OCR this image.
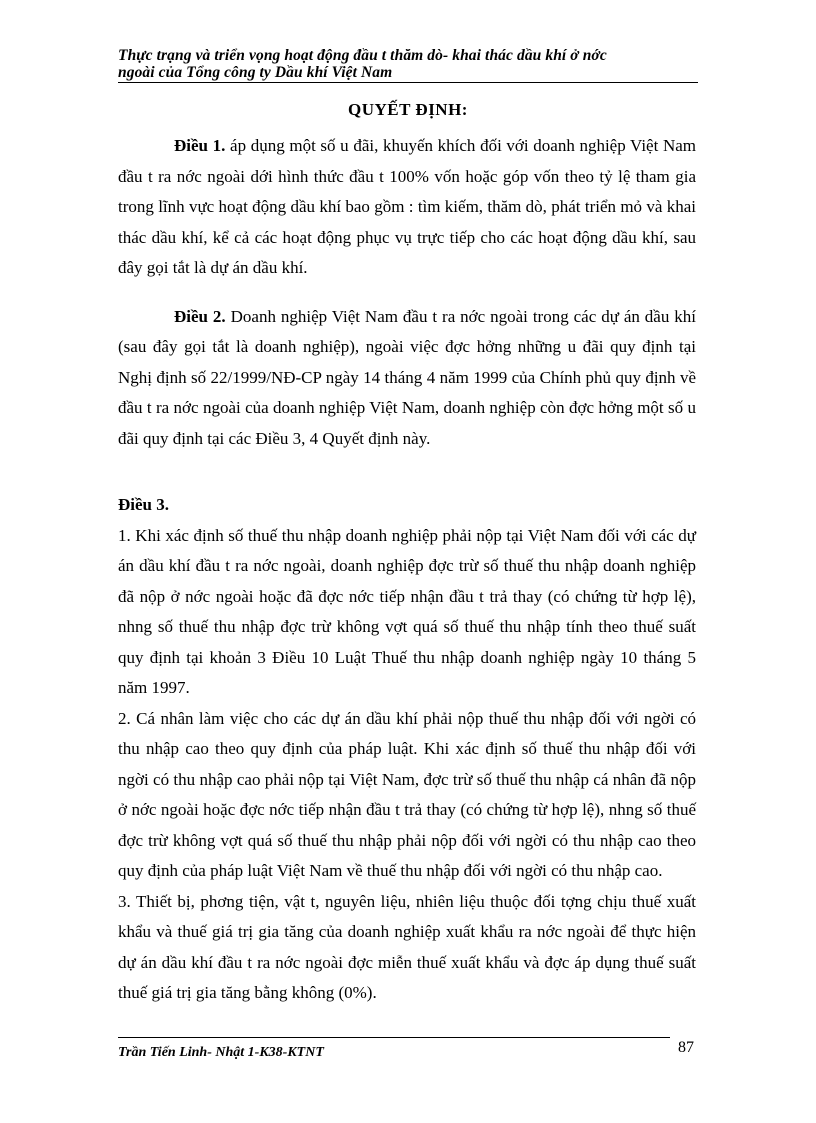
Thực trạng và triển vọng hoạt động đầu t thăm dò- khai thác dầu khí ở nớc
ngoài của Tổng công ty Dầu khí Việt Nam
QUYẾT ĐỊNH:

Điều 1. áp dụng một số u đãi, khuyến khích đối với doanh nghiệp Việt Nam đầu t ra nớc ngoài dới hình thức đầu t 100% vốn hoặc góp vốn theo tỷ lệ tham gia trong lĩnh vực hoạt động dầu khí bao gồm : tìm kiếm, thăm dò, phát triển mỏ và khai thác dầu khí, kể cả các hoạt động phục vụ trực tiếp cho các hoạt động dầu khí, sau đây gọi tắt là dự án dầu khí.

Điều 2. Doanh nghiệp Việt Nam đầu t ra nớc ngoài trong các dự án dầu khí (sau đây gọi tắt là doanh nghiệp), ngoài việc đợc hởng những u đãi quy định tại Nghị định số 22/1999/NĐ-CP ngày 14 tháng 4 năm 1999 của Chính phủ quy định về đầu t ra nớc ngoài của doanh nghiệp Việt Nam, doanh nghiệp còn đợc hởng một số u đãi quy định tại các Điều 3, 4 Quyết định này.

Điều 3.

1. Khi xác định số thuế thu nhập doanh nghiệp phải nộp tại Việt Nam đối với các dự án dầu khí đầu t ra nớc ngoài, doanh nghiệp đợc trừ số thuế thu nhập doanh nghiệp đã nộp ở nớc ngoài hoặc đã đợc nớc tiếp nhận đầu t trả thay (có chứng từ hợp lệ), nhng số thuế thu nhập đợc trừ không vợt quá số thuế thu nhập tính theo thuế suất quy định tại khoản 3 Điều 10 Luật Thuế thu nhập doanh nghiệp ngày 10 tháng 5 năm 1997.

2. Cá nhân làm việc cho các dự án dầu khí phải nộp thuế thu nhập đối với ngời có thu nhập cao theo quy định của pháp luật. Khi xác định số thuế thu nhập đối với ngời có thu nhập cao phải nộp tại Việt Nam, đợc trừ số thuế thu nhập cá nhân đã nộp ở nớc ngoài hoặc đợc nớc tiếp nhận đầu t trả thay (có chứng từ hợp lệ), nhng số thuế đợc trừ không vợt quá số thuế thu nhập phải nộp đối với ngời có thu nhập cao theo quy định của pháp luật Việt Nam về thuế thu nhập đối với ngời có thu nhập cao.

3. Thiết bị, phơng tiện, vật t, nguyên liệu, nhiên liệu thuộc đối tợng chịu thuế xuất khẩu và thuế giá trị gia tăng của doanh nghiệp xuất khẩu ra nớc ngoài để thực hiện dự án dầu khí đầu t ra nớc ngoài đợc miễn thuế xuất khẩu và đợc áp dụng thuế suất thuế giá trị gia tăng bằng không (0%).

Trần Tiến Linh- Nhật 1-K38-KTNT	87
